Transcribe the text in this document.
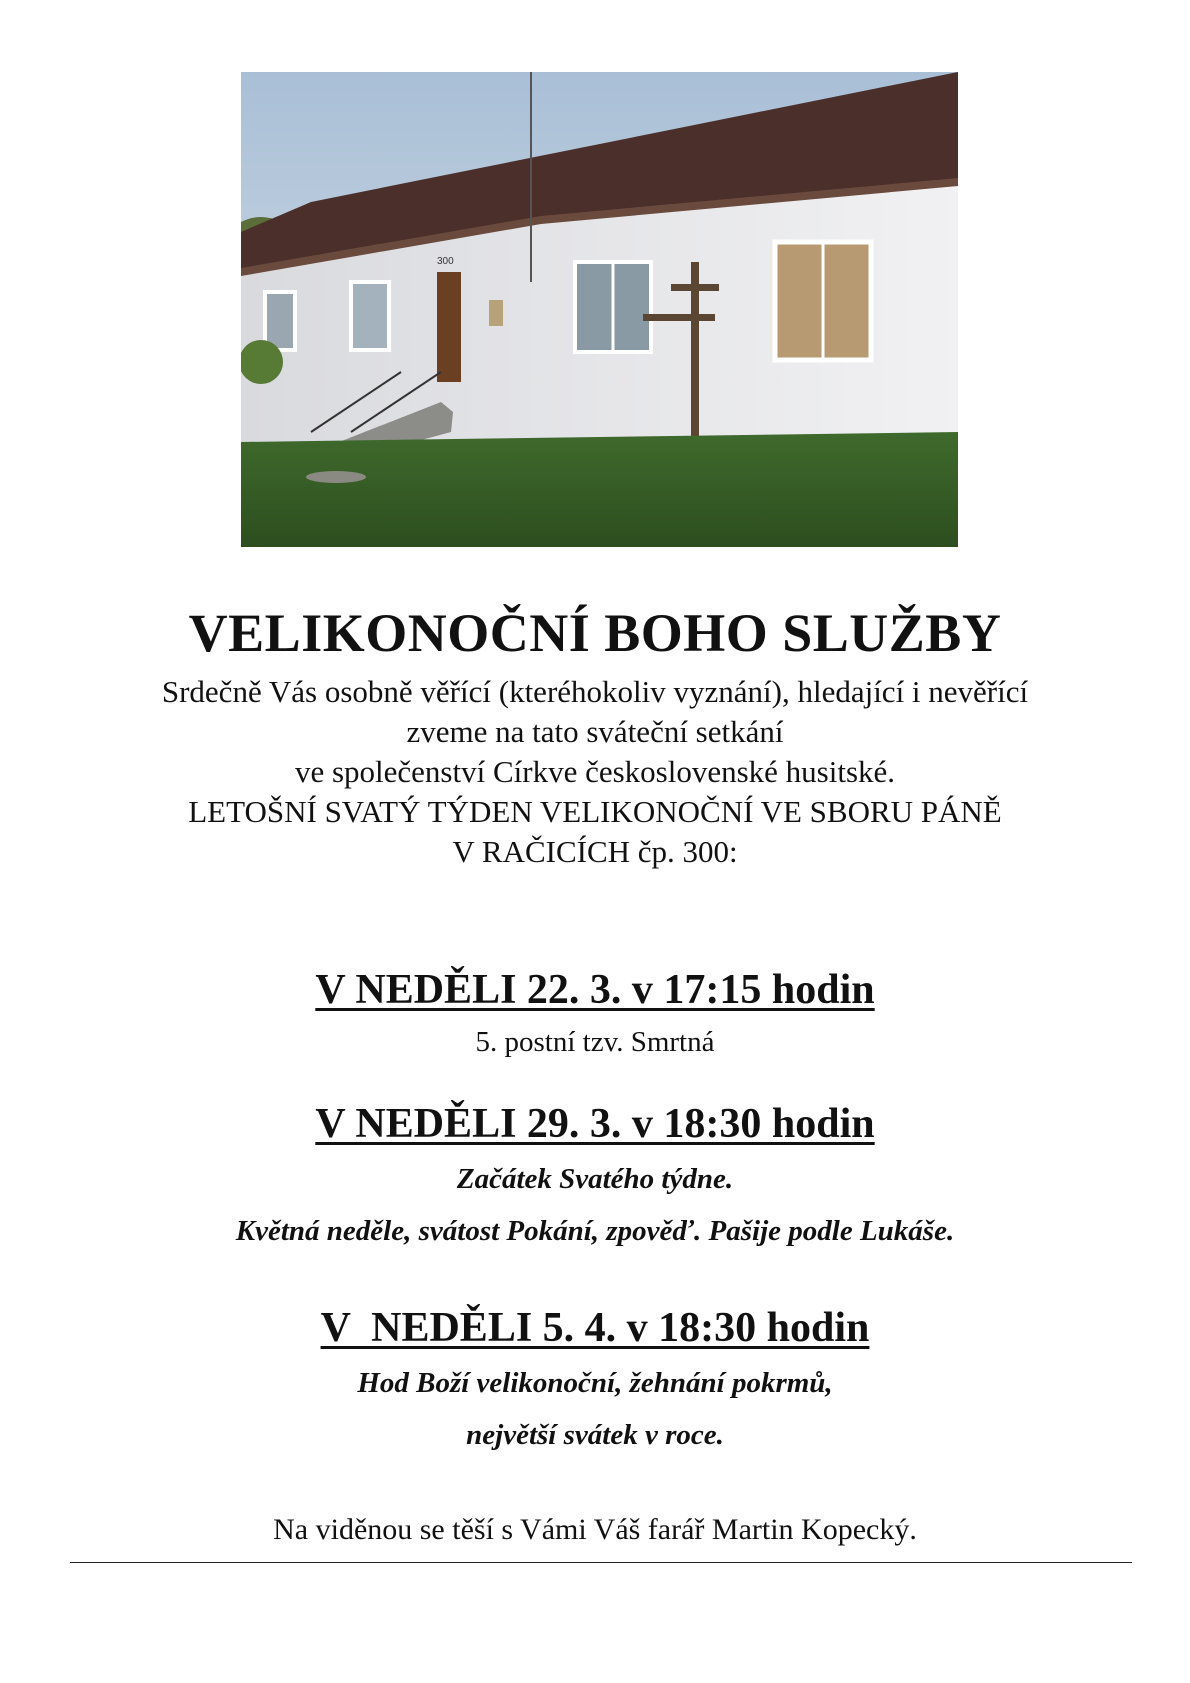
300
VELIKONOČNÍ BOHO SLUŽBY
Srdečně Vás osobně věřící (kteréhokoliv vyznání), hledající i nevěřící
zveme na tato sváteční setkání
ve společenství Církve československé husitské.
LETOŠNÍ SVATÝ TÝDEN VELIKONOČNÍ VE SBORU PÁNĚ
V RAČICÍCH čp. 300:
V NEDĚLI 22. 3. v 17:15 hodin
5. postní tzv. Smrtná
V NEDĚLI 29. 3. v 18:30 hodin
Začátek Svatého týdne.
Květná neděle, svátost Pokání, zpověď. Pašije podle Lukáše.
V  NEDĚLI 5. 4. v 18:30 hodin
Hod Boží velikonoční, žehnání pokrmů,
největší svátek v roce.
Na viděnou se těší s Vámi Váš farář Martin Kopecký.
